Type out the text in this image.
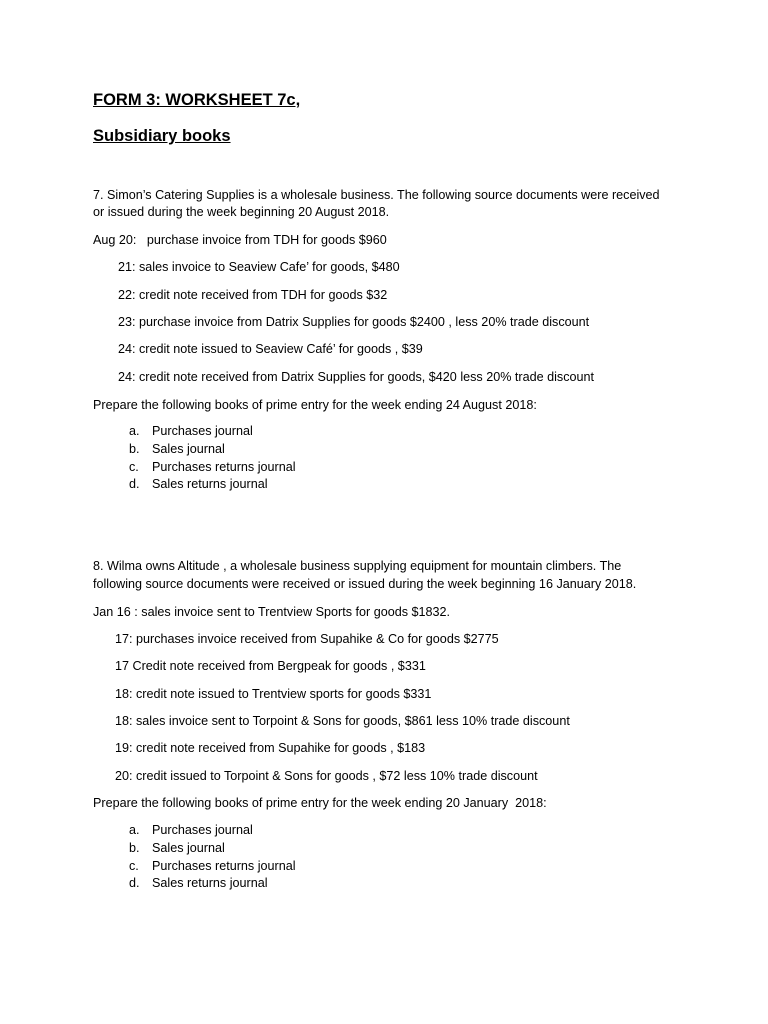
FORM 3: WORKSHEET 7c,
Subsidiary books
7. Simon’s Catering Supplies is a wholesale business. The following source documents were received
or issued during the week beginning 20 August 2018.
Aug 20:   purchase invoice from TDH for goods $960
21: sales invoice to Seaview Cafe’ for goods, $480
22: credit note received from TDH for goods $32
23: purchase invoice from Datrix Supplies for goods $2400 , less 20% trade discount
24: credit note issued to Seaview Café’ for goods , $39
24: credit note received from Datrix Supplies for goods, $420 less 20% trade discount
Prepare the following books of prime entry for the week ending 24 August 2018:
a. Purchases journal
b. Sales journal
c. Purchases returns journal
d. Sales returns journal
8. Wilma owns Altitude , a wholesale business supplying equipment for mountain climbers. The
following source documents were received or issued during the week beginning 16 January 2018.
Jan 16 : sales invoice sent to Trentview Sports for goods $1832.
17: purchases invoice received from Supahike & Co for goods $2775
17 Credit note received from Bergpeak for goods , $331
18: credit note issued to Trentview sports for goods $331
18: sales invoice sent to Torpoint & Sons for goods, $861 less 10% trade discount
19: credit note received from Supahike for goods , $183
20: credit issued to Torpoint & Sons for goods , $72 less 10% trade discount
Prepare the following books of prime entry for the week ending 20 January  2018:
a. Purchases journal
b. Sales journal
c. Purchases returns journal
d. Sales returns journal
